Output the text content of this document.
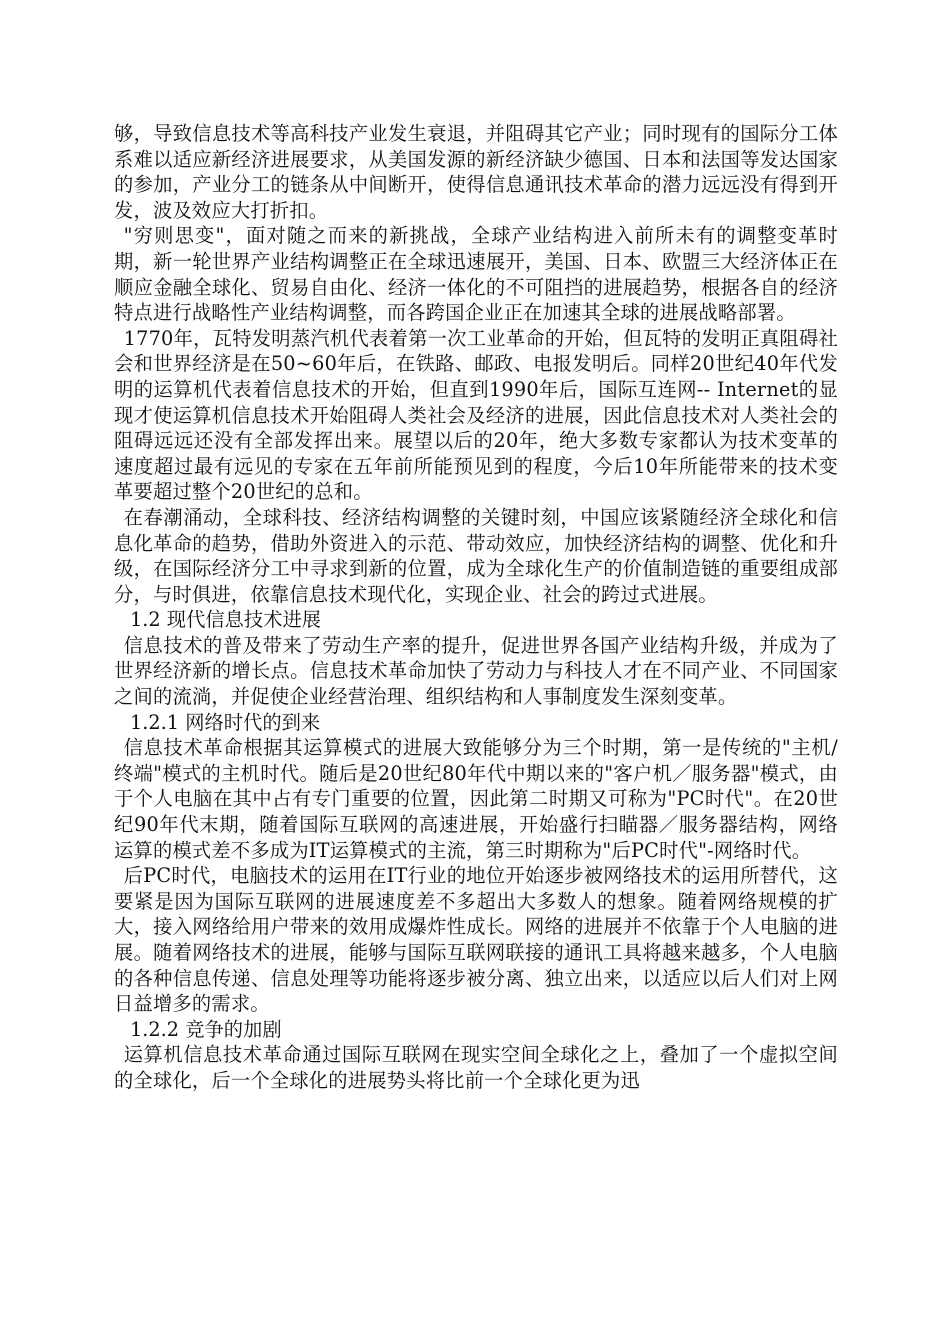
够，导致信息技术等高科技产业发生衰退，并阻碍其它产业；同时现有的国际分工体系难以适应新经济进展要求，从美国发源的新经济缺少德国、日本和法国等发达国家的参加，产业分工的链条从中间断开，使得信息通讯技术革命的潜力远远没有得到开发，波及效应大打折扣。

"穷则思变"，面对随之而来的新挑战，全球产业结构进入前所未有的调整变革时期，新一轮世界产业结构调整正在全球迅速展开，美国、日本、欧盟三大经济体正在顺应金融全球化、贸易自由化、经济一体化的不可阻挡的进展趋势，根据各自的经济特点进行战略性产业结构调整，而各跨国企业正在加速其全球的进展战略部署。

1770年，瓦特发明蒸汽机代表着第一次工业革命的开始，但瓦特的发明正真阻碍社会和世界经济是在50~60年后，在铁路、邮政、电报发明后。同样20世纪40年代发明的运算机代表着信息技术的开始，但直到1990年后，国际互连网-- Internet的显现才使运算机信息技术开始阻碍人类社会及经济的进展，因此信息技术对人类社会的阻碍远远还没有全部发挥出来。展望以后的20年，绝大多数专家都认为技术变革的速度超过最有远见的专家在五年前所能预见到的程度，今后10年所能带来的技术变革要超过整个20世纪的总和。

在春潮涌动，全球科技、经济结构调整的关键时刻，中国应该紧随经济全球化和信息化革命的趋势，借助外资进入的示范、带动效应，加快经济结构的调整、优化和升级，在国际经济分工中寻求到新的位置，成为全球化生产的价值制造链的重要组成部分，与时俱进，依靠信息技术现代化，实现企业、社会的跨过式进展。

1.2 现代信息技术进展

信息技术的普及带来了劳动生产率的提升，促进世界各国产业结构升级，并成为了世界经济新的增长点。信息技术革命加快了劳动力与科技人才在不同产业、不同国家之间的流淌，并促使企业经营治理、组织结构和人事制度发生深刻变革。

1.2.1 网络时代的到来

信息技术革命根据其运算模式的进展大致能够分为三个时期，第一是传统的"主机/终端"模式的主机时代。随后是20世纪80年代中期以来的"客户机／服务器"模式，由于个人电脑在其中占有专门重要的位置，因此第二时期又可称为"PC时代"。在20世纪90年代末期，随着国际互联网的高速进展，开始盛行扫瞄器／服务器结构，网络运算的模式差不多成为IT运算模式的主流，第三时期称为"后PC时代"-网络时代。

后PC时代，电脑技术的运用在IT行业的地位开始逐步被网络技术的运用所替代，这要紧是因为国际互联网的进展速度差不多超出大多数人的想象。随着网络规模的扩大，接入网络给用户带来的效用成爆炸性成长。网络的进展并不依靠于个人电脑的进展。随着网络技术的进展，能够与国际互联网联接的通讯工具将越来越多，个人电脑的各种信息传递、信息处理等功能将逐步被分离、独立出来，以适应以后人们对上网日益增多的需求。

1.2.2 竞争的加剧

运算机信息技术革命通过国际互联网在现实空间全球化之上，叠加了一个虚拟空间的全球化，后一个全球化的进展势头将比前一个全球化更为迅
